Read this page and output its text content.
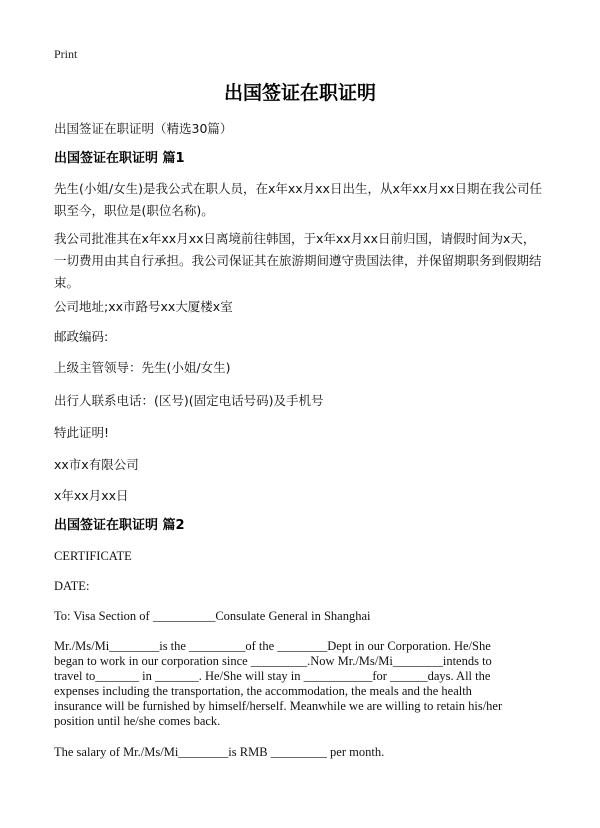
Print
出国签证在职证明

出国签证在职证明（精选30篇）

出国签证在职证明 篇1

先生(小姐/女生)是我公式在职人员，在x年xx月xx日出生，从x年xx月xx日期在我公司任职至今，职位是(职位名称)。

我公司批准其在x年xx月xx日离境前往韩国，于x年xx月xx日前归国，请假时间为x天，一切费用由其自行承担。我公司保证其在旅游期间遵守贵国法律，并保留期职务到假期结束。

公司地址;xx市路号xx大厦楼x室

邮政编码:

上级主管领导：先生(小姐/女生)

出行人联系电话：(区号)(固定电话号码)及手机号

特此证明!

xx市x有限公司

x年xx月xx日

出国签证在职证明 篇2

CERTIFICATE

DATE:

To: Visa Section of __________Consulate General in Shanghai

Mr./Ms/Mi________is the _________of the ________Dept in our Corporation. He/She
began to work in our corporation since _________.Now Mr./Ms/Mi________intends to
travel to_______ in _______. He/She will stay in ___________for ______days. All the
expenses including the transportation, the accommodation, the meals and the health
insurance will be furnished by himself/herself. Meanwhile we are willing to retain his/her
position until he/she comes back.

The salary of Mr./Ms/Mi________is RMB _________ per month.
